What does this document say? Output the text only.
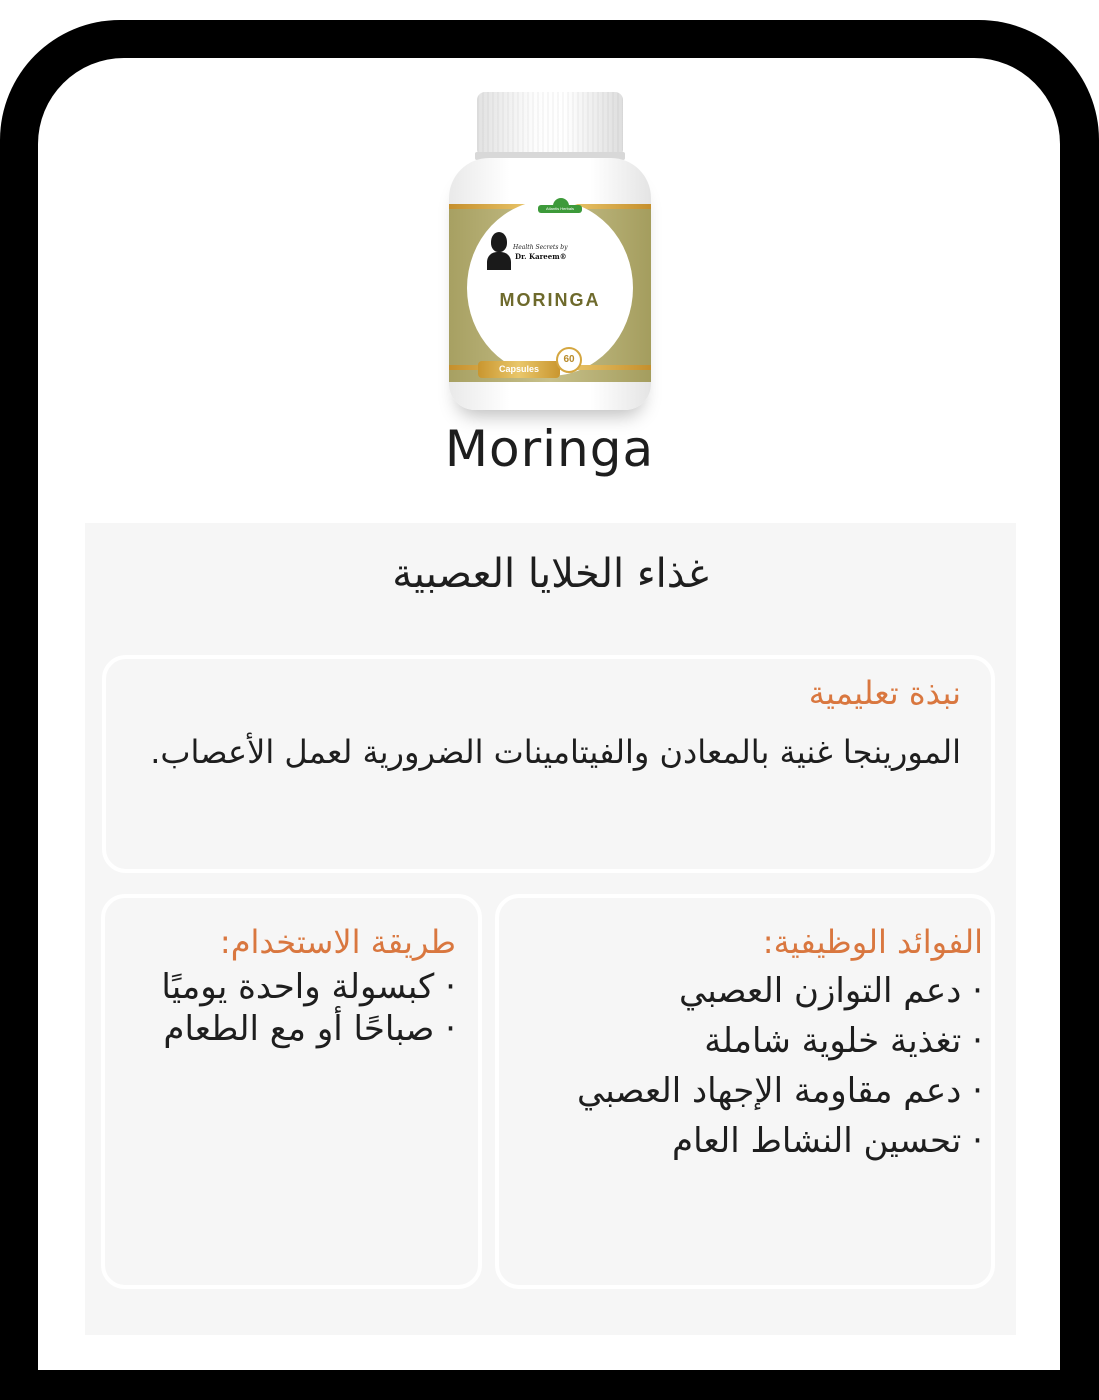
Atlantis Herbals
Health Secrets by
Dr. Kareem®
MORINGA
Capsules
60
Moringa
غذاء الخلايا العصبية
نبذة تعليمية
المورينجا غنية بالمعادن والفيتامينات الضرورية لعمل الأعصاب.
الفوائد الوظيفية:
· دعم التوازن العصبي
· تغذية خلوية شاملة
· دعم مقاومة الإجهاد العصبي
· تحسين النشاط العام
طريقة الاستخدام:
· كبسولة واحدة يوميًا
· صباحًا أو مع الطعام
